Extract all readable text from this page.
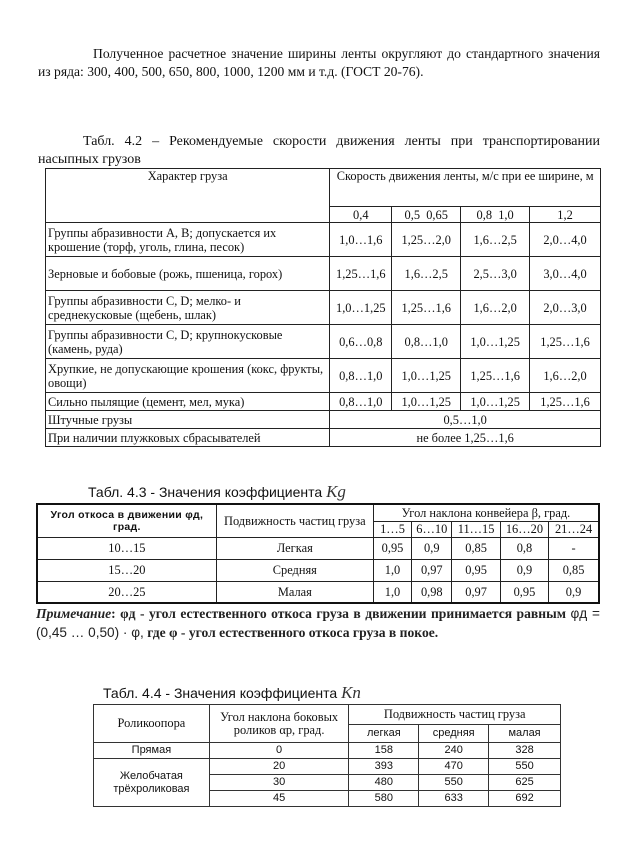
Полученное расчетное значение ширины ленты округляют до стандартного значения из ряда: 300, 400, 500, 650, 800, 1000, 1200 мм и т.д. (ГОСТ 20-76).
Табл. 4.2 – Рекомендуемые скорости движения ленты при транспортировании насыпных грузов
Характер груза	Скорость движения ленты, м/с при ее ширине, м			
	0,4	0,5  0,65	0,8  1,0	1,2
Группы абразивности А, В; допускается их крошение (торф, уголь, глина, песок)	1,0…1,6	1,25…2,0	1,6…2,5	2,0…4,0
Зерновые и бобовые (рожь, пшеница, горох)	1,25…1,6	1,6…2,5	2,5…3,0	3,0…4,0
Группы абразивности С, D; мелко- и среднекусковые (щебень, шлак)	1,0…1,25	1,25…1,6	1,6…2,0	2,0…3,0
Группы абразивности С, D; крупнокусковые (камень, руда)	0,6…0,8	0,8…1,0	1,0…1,25	1,25…1,6
Хрупкие, не допускающие крошения (кокс, фрукты, овощи)	0,8…1,0	1,0…1,25	1,25…1,6	1,6…2,0
Сильно пылящие (цемент, мел, мука)	0,8…1,0	1,0…1,25	1,0…1,25	1,25…1,6
Штучные грузы	0,5…1,0			
При наличии плужковых сбрасывателей	не более 1,25…1,6			
Табл. 4.3 - Значения коэффициента Kg
Угол откоса в движении φд, град.	Подвижность частиц груза	Угол наклона конвейера β, град.				
		1…5	6…10	11…15	16…20	21…24
10…15	Легкая	0,95	0,9	0,85	0,8	-
15…20	Средняя	1,0	0,97	0,95	0,9	0,85
20…25	Малая	1,0	0,98	0,97	0,95	0,9
Примечание: φд - угол естественного откоса груза в движении принимается равным φд = (0,45 … 0,50) · φ, где φ - угол естественного откоса груза в покое.
Табл. 4.4 - Значения коэффициента Kп
Роликоопора	Угол наклона боковых роликов αр, град.	Подвижность частиц груза		
		легкая	средняя	малая
Прямая	0	158	240	328
Желобчатая трёхроликовая	20	393	470	550
	30	480	550	625
	45	580	633	692
